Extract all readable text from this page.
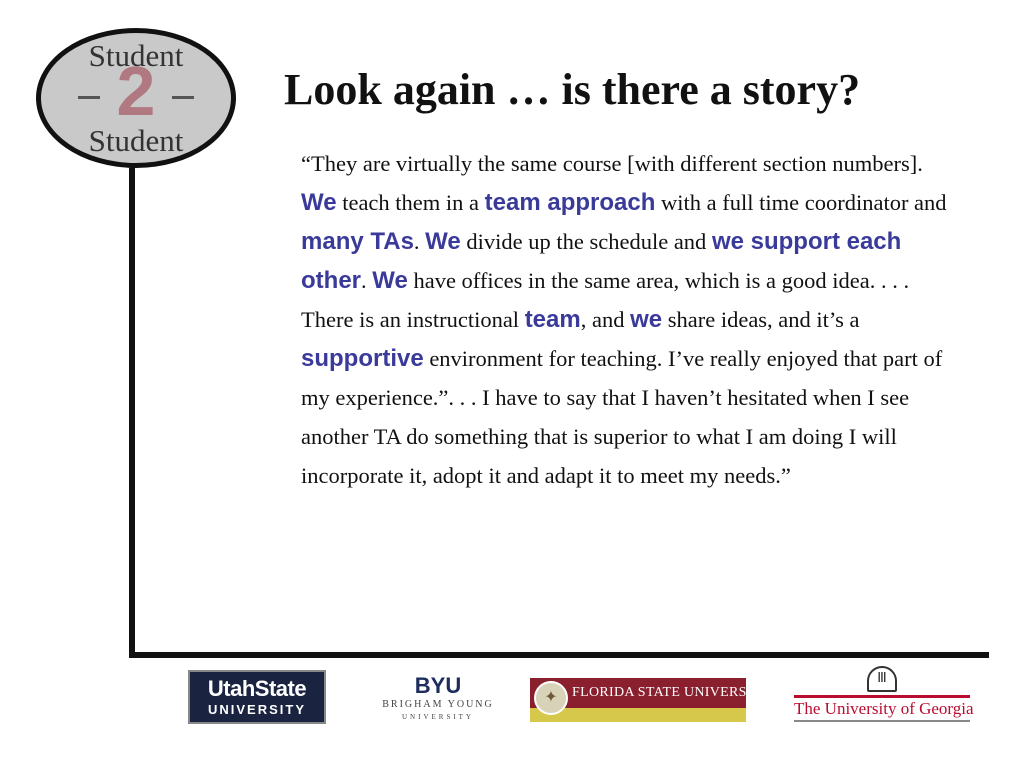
Student
2
Student
Look again … is there a story?
“They are virtually the same course [with different section numbers]. We teach them in a team approach with a full time coordinator and many TAs. We divide up the schedule and we support each other. We have offices in the same area, which is a good idea. . . . There is an instructional team, and we share ideas, and it’s a supportive environment for teaching. I’ve really enjoyed that part of my experience.”. . . I have to say that I haven’t hesitated when I see another TA do something that is superior to what I am doing I will incorporate it, adopt it and adapt it to meet my needs.”
UtahState
UNIVERSITY
BYU
BRIGHAM YOUNG
UNIVERSITY
✦	FLORIDA STATE UNIVERSITY
Ⅲ
The University of Georgia
